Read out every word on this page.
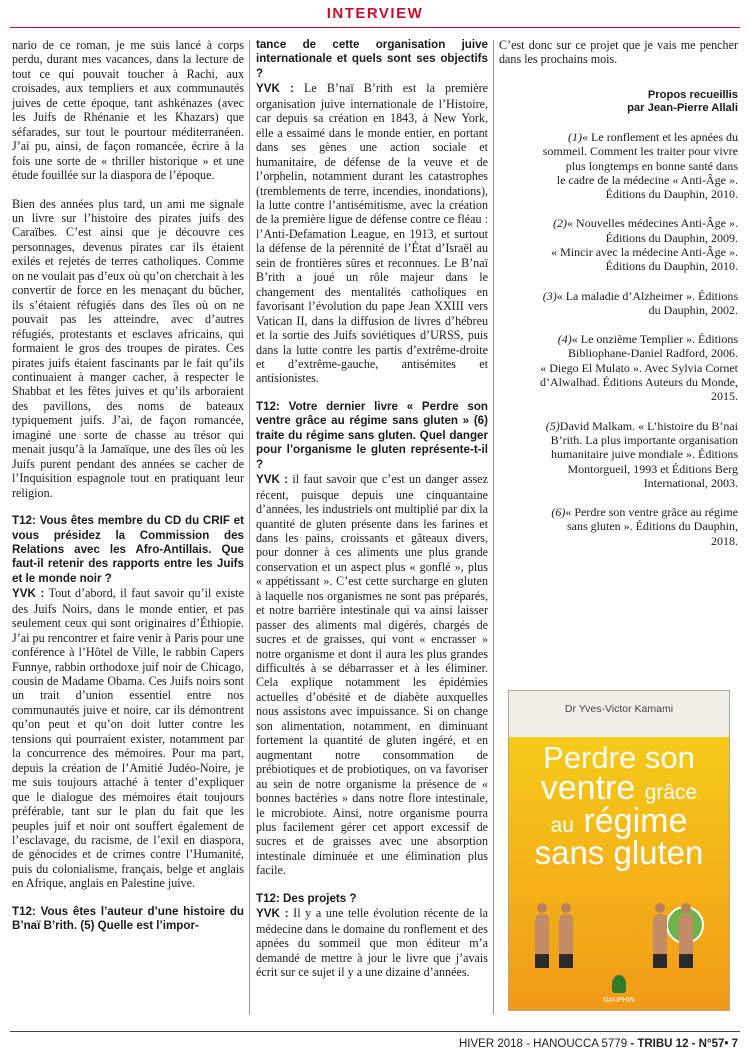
INTERVIEW

nario de ce roman, je me suis lancé à corps perdu, durant mes vacances, dans la lecture de tout ce qui pouvait toucher à Rachi, aux croisades, aux templiers et aux communautés juives de cette époque, tant ashkénazes (avec les Juifs de Rhénanie et les Khazars) que séfarades, sur tout le pourtour méditerranéen. J’ai pu, ainsi, de façon romancée, écrire à la fois une sorte de « thriller historique » et une étude fouillée sur la diaspora de l’époque.

Bien des années plus tard, un ami me signale un livre sur l’histoire des pirates juifs des Caraïbes. C’est ainsi que je découvre ces personnages, devenus pirates car ils étaient exilés et rejetés de terres catholiques. Comme on ne voulait pas d’eux où qu’on cherchait à les convertir de force en les menaçant du bûcher, ils s’étaient réfugiés dans des îles où on ne pouvait pas les atteindre, avec d’autres réfugiés, protestants et esclaves africains, qui formaient le gros des troupes de pirates. Ces pirates juifs étaient fascinants par le fait qu’ils continuaient à manger cacher, à respecter le Shabbat et les fêtes juives et qu’ils arboraient des pavillons, des noms de bateaux typiquement juifs. J’ai, de façon romancée, imaginé une sorte de chasse au trésor qui menait jusqu’à la Jamaïque, une des îles où les Juifs purent pendant des années se cacher de l’Inquisition espagnole tout en pratiquant leur religion.

T12: Vous êtes membre du CD du CRIF et vous présidez la Commission des Relations avec les Afro-Antillais. Que faut-il retenir des rapports entre les Juifs et le monde noir ?

YVK : Tout d’abord, il faut savoir qu’il existe des Juifs Noirs, dans le monde entier, et pas seulement ceux qui sont originaires d’Éthiopie. J’ai pu rencontrer et faire venir à Paris pour une conférence à l’Hôtel de Ville, le rabbin Capers Funnye, rabbin orthodoxe juif noir de Chicago, cousin de Madame Obama. Ces Juifs noirs sont un trait d’union essentiel entre nos communautés juive et noire, car ils démontrent qu’on peut et qu’on doit lutter contre les tensions qui pourraient exister, notamment par la concurrence des mémoires. Pour ma part, depuis la création de l’Amitié Judéo-Noire, je me suis toujours attaché à tenter d’expliquer que le dialogue des mémoires était toujours préférable, tant sur le plan du fait que les peuples juif et noir ont souffert également de l’esclavage, du racisme, de l’exil en diaspora, de génocides et de crimes contre l’Humanité, puis du colonialisme, français, belge et anglais en Afrique, anglais en Palestine juive.

T12: Vous êtes l’auteur d’une histoire du B’naï B’rith. (5) Quelle est l’impor-

tance de cette organisation juive internationale et quels sont ses objectifs ?

YVK : Le B’naï B’rith est la première organisation juive internationale de l’Histoire, car depuis sa création en 1843, à New York, elle a essaimé dans le monde entier, en portant dans ses gènes une action sociale et humanitaire, de défense de la veuve et de l’orphelin, notamment durant les catastrophes (tremblements de terre, incendies, inondations), la lutte contre l’antisémitisme, avec la création de la première ligue de défense contre ce fléau : l’Anti-Defamation League, en 1913, et surtout la défense de la pérennité de l’État d’Israël au sein de frontières sûres et reconnues. Le B’naï B’rith a joué un rôle majeur dans le changement des mentalités catholiques en favorisant l’évolution du pape Jean XXIII vers Vatican II, dans la diffusion de livres d’hébreu et la sortie des Juifs soviétiques d’URSS, puis dans la lutte contre les partis d’extrême-droite et d’extrême-gauche, antisémites et antisionistes.

T12: Votre dernier livre « Perdre son ventre grâce au régime sans gluten » (6) traite du régime sans gluten. Quel danger pour l’organisme le gluten représente-t-il ?

YVK : il faut savoir que c’est un danger assez récent, puisque depuis une cinquantaine d’années, les industriels ont multiplié par dix la quantité de gluten présente dans les farines et dans les pains, croissants et gâteaux divers, pour donner à ces aliments une plus grande conservation et un aspect plus « gonflé », plus « appétissant ». C’est cette surcharge en gluten à laquelle nos organismes ne sont pas préparés, et notre barrière intestinale qui va ainsi laisser passer des aliments mal digérés, chargés de sucres et de graisses, qui vont « encrasser » notre organisme et dont il aura les plus grandes difficultés à se débarrasser et à les éliminer. Cela explique notamment les épidémies actuelles d’obésité et de diabète auxquelles nous assistons avec impuissance. Si on change son alimentation, notamment, en diminuant fortement la quantité de gluten ingéré, et en augmentant notre consommation de prébiotiques et de probiotiques, on va favoriser au sein de notre organisme la présence de « bonnes bactéries » dans notre flore intestinale, le microbiote. Ainsi, notre organisme pourra plus facilement gérer cet apport excessif de sucres et de graisses avec une absorption intestinale diminuée et une élimination plus facile.

T12: Des projets ?

YVK : Il y a une telle évolution récente de la médecine dans le domaine du ronflement et des apnées du sommeil que mon éditeur m’a demandé de mettre à jour le livre que j’avais écrit sur ce sujet il y a une dizaine d’années.

C’est donc sur ce projet que je vais me pencher dans les prochains mois.

Propos recueillis
par Jean-Pierre Allali
(1)« Le ronflement et les apnées du
sommeil. Comment les traiter pour vivre
plus longtemps en bonne santé dans
le cadre de la médecine « Anti-Âge ».
Éditions du Dauphin, 2010.
(2)« Nouvelles médecines Anti-Âge ».
Éditions du Dauphin, 2009.
« Mincir avec la médecine Anti-Âge ».
Éditions du Dauphin, 2010.
(3)« La maladie d’Alzheimer ». Éditions
du Dauphin, 2002.
(4)« Le onzième Templier ». Éditions
Bibliophane-Daniel Radford, 2006.
« Diego El Mulato ». Avec Sylvia Cornet
d’Alwalhad. Éditions Auteurs du Monde,
2015.
(5)David Malkam. « L’histoire du B’nai
B’rith. La plus importante organisation
humanitaire juive mondiale ». Éditions
Montorgueil, 1993 et Éditions Berg
International, 2003.
(6)« Perdre son ventre grâce au régime
sans gluten ». Éditions du Dauphin,
2018.
Dr Yves-Victor Kamami
Perdre son
ventre grâce
au régime
sans gluten
DAUPHIN
HIVER 2018 - HANOUCCA 5779 - TRIBU 12 - N°57• 7
